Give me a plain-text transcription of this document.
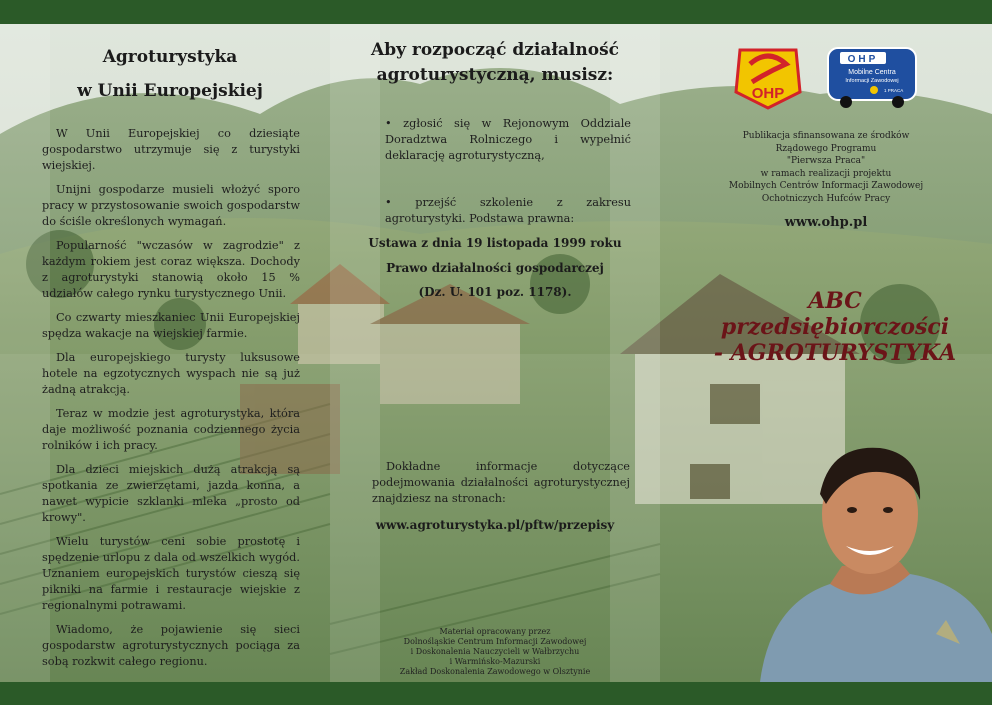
Agroturystyka
w Unii Europejskiej

W Unii Europejskiej co dziesiąte gospodarstwo utrzymuje się z turystyki wiejskiej.

Unijni gospodarze musieli włożyć sporo pracy w przystosowanie swoich gospodarstw do ściśle określonych wymagań.

Popularność "wczasów w zagrodzie" z każdym rokiem jest coraz większa. Dochody z agroturystyki stanowią około 15 % udziałów całego rynku turystycznego Unii.

Co czwarty mieszkaniec Unii Europejskiej spędza wakacje na wiejskiej farmie.

Dla europejskiego turysty luksusowe hotele na egzotycznych wyspach nie są już żadną atrakcją.

Teraz w modzie jest agroturystyka, która daje możliwość poznania codziennego życia rolników i ich pracy.

Dla dzieci miejskich dużą atrakcją są spotkania ze zwierzętami, jazda konna, a nawet wypicie szklanki mleka „prosto od krowy".

Wielu turystów ceni sobie prostotę i spędzenie urlopu z dala od wszelkich wygód. Uznaniem europejskich turystów cieszą się pikniki na farmie i restauracje wiejskie z regionalnymi potrawami.

Wiadomo, że pojawienie się sieci gospodarstw agroturystycznych pociąga za sobą rozkwit całego regionu.

Aby rozpocząć działalność
agroturystyczną, musisz:
• zgłosić się w Rejonowym Oddziale Doradztwa Rolniczego i wypełnić deklarację agroturystyczną,
• przejść szkolenie z zakresu agroturystyki. Podstawa prawna:
Ustawa z dnia 19 listopada 1999 roku
Prawo działalności gospodarczej
(Dz. U. 101 poz. 1178).
Dokładne informacje dotyczące podejmowania działalności agroturystycznej znajdziesz na stronach:
www.agroturystyka.pl/pftw/przepisy
Materiał opracowany przez
Dolnośląskie Centrum Informacji Zawodowej
i Doskonalenia Nauczycieli w Wałbrzychu
i Warmińsko-Mazurski
Zakład Doskonalenia Zawodowego w Olsztynie
OHP
OHP
Mobilne Centra
Informacji Zawodowej
1 PRACA
Publikacja sfinansowana ze środków
Rządowego Programu
"Pierwsza Praca"
w ramach realizacji projektu
Mobilnych Centrów Informacji Zawodowej
Ochotniczych Hufców Pracy
www.ohp.pl
ABC
przedsiębiorczości
- AGROTURYSTYKA
